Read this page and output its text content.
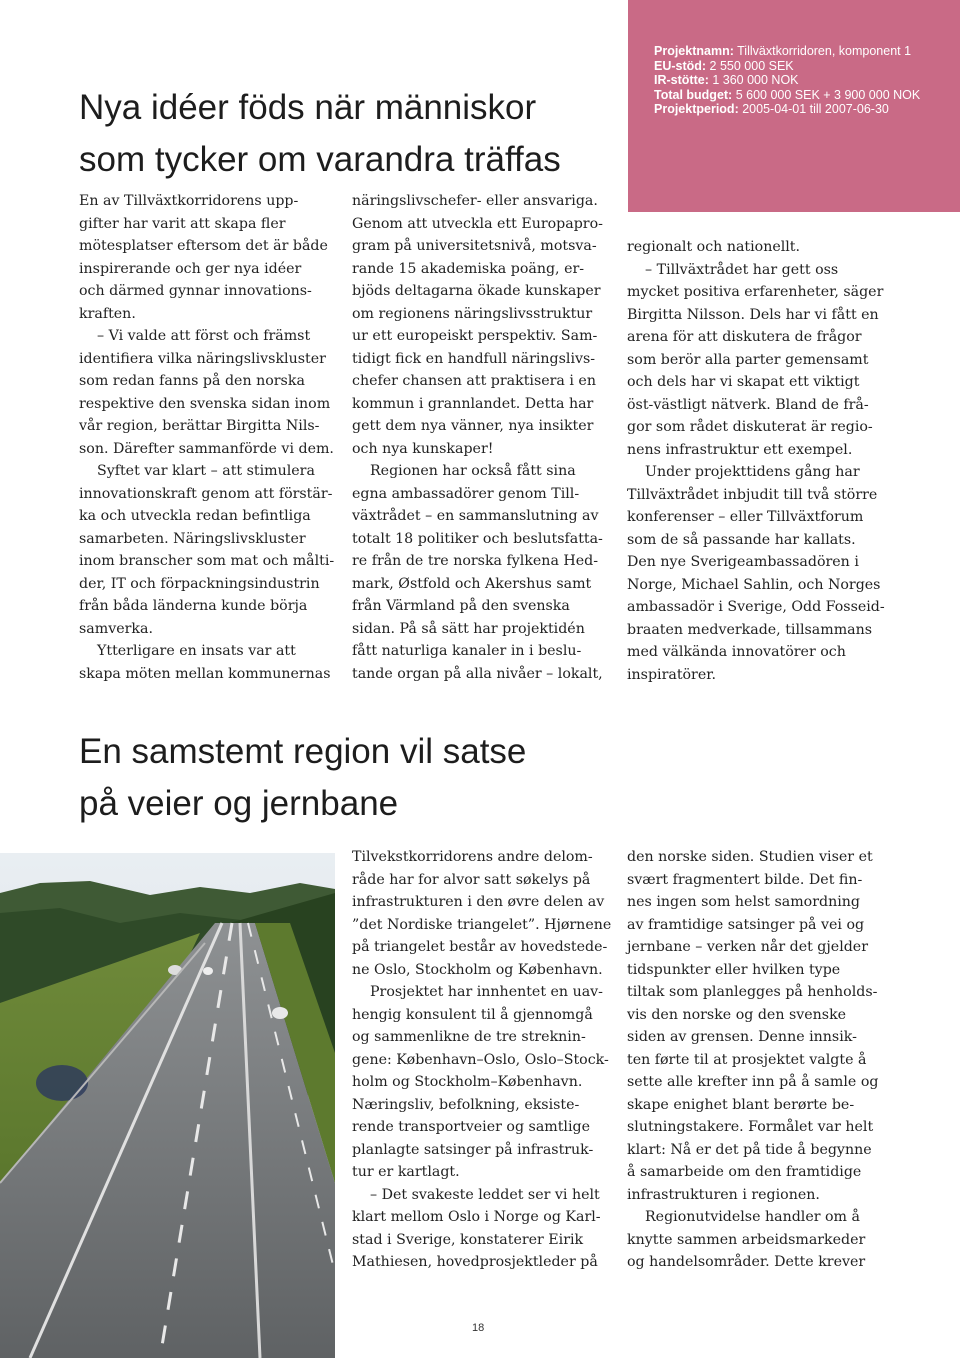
Projektnamn: Tillväxtkorridoren, komponent 1
EU-stöd: 2 550 000 SEK
IR-stötte: 1 360 000 NOK
Total budget: 5 600 000 SEK + 3 900 000 NOK
Projektperiod: 2005-04-01 till 2007-06-30
Nya idéer föds när människor
som tycker om varandra träffas

En av Tillväxtkorridorens upp-

gifter har varit att skapa fler

mötesplatser eftersom det är både

inspirerande och ger nya idéer

och därmed gynnar innovations-

kraften.

– Vi valde att först och främst

identifiera vilka näringslivskluster

som redan fanns på den norska

respektive den svenska sidan inom

vår region, berättar Birgitta Nils-

son. Därefter sammanförde vi dem.

Syftet var klart – att stimulera

innovationskraft genom att förstär-

ka och utveckla redan befintliga

samarbeten. Näringslivskluster

inom branscher som mat och målti-

der, IT och förpackningsindustrin

från båda länderna kunde börja

samverka.

Ytterligare en insats var att

skapa möten mellan kommunernas

näringslivschefer- eller ansvariga.

Genom att utveckla ett Europapro-

gram på universitetsnivå, motsva-

rande 15 akademiska poäng, er-

bjöds deltagarna ökade kunskaper

om regionens näringslivsstruktur

ur ett europeiskt perspektiv. Sam-

tidigt fick en handfull näringslivs-

chefer chansen att praktisera i en

kommun i grannlandet. Detta har

gett dem nya vänner, nya insikter

och nya kunskaper!

Regionen har också fått sina

egna ambassadörer genom Till-

växtrådet – en sammanslutning av

totalt 18 politiker och beslutsfatta-

re från de tre norska fylkena Hed-

mark, Østfold och Akershus samt

från Värmland på den svenska

sidan. På så sätt har projektidén

fått naturliga kanaler in i beslu-

tande organ på alla nivåer – lokalt,

regionalt och nationellt.

– Tillväxtrådet har gett oss

mycket positiva erfarenheter, säger

Birgitta Nilsson. Dels har vi fått en

arena för att diskutera de frågor

som berör alla parter gemensamt

och dels har vi skapat ett viktigt

öst-västligt nätverk. Bland de frå-

gor som rådet diskuterat är regio-

nens infrastruktur ett exempel.

Under projekttidens gång har

Tillväxtrådet inbjudit till två större

konferenser – eller Tillväxtforum

som de så passande har kallats.

Den nye Sverigeambassadören i

Norge, Michael Sahlin, och Norges

ambassadör i Sverige, Odd Fosseid-

braaten medverkade, tillsammans

med välkända innovatörer och

inspiratörer.

En samstemt region vil satse
på veier og jernbane

Tilvekstkorridorens andre delom-

råde har for alvor satt søkelys på

infrastrukturen i den øvre delen av

”det Nordiske triangelet”. Hjørnene

på triangelet består av hovedstede-

ne Oslo, Stockholm og København.

Prosjektet har innhentet en uav-

hengig konsulent til å gjennomgå

og sammenlikne de tre streknin-

gene: København–Oslo, Oslo–Stock-

holm og Stockholm–København.

Næringsliv, befolkning, eksiste-

rende transportveier og samtlige

planlagte satsinger på infrastruk-

tur er kartlagt.

– Det svakeste leddet ser vi helt

klart mellom Oslo i Norge og Karl-

stad i Sverige, konstaterer Eirik

Mathiesen, hovedprosjektleder på

den norske siden. Studien viser et

svært fragmentert bilde. Det fin-

nes ingen som helst samordning

av framtidige satsinger på vei og

jernbane – verken når det gjelder

tidspunkter eller hvilken type

tiltak som planlegges på henholds-

vis den norske og den svenske

siden av grensen. Denne innsik-

ten førte til at prosjektet valgte å

sette alle krefter inn på å samle og

skape enighet blant berørte be-

slutningstakere. Formålet var helt

klart: Nå er det på tide å begynne

å samarbeide om den framtidige

infrastrukturen i regionen.

Regionutvidelse handler om å

knytte sammen arbeidsmarkeder

og handelsområder. Dette krever

18
